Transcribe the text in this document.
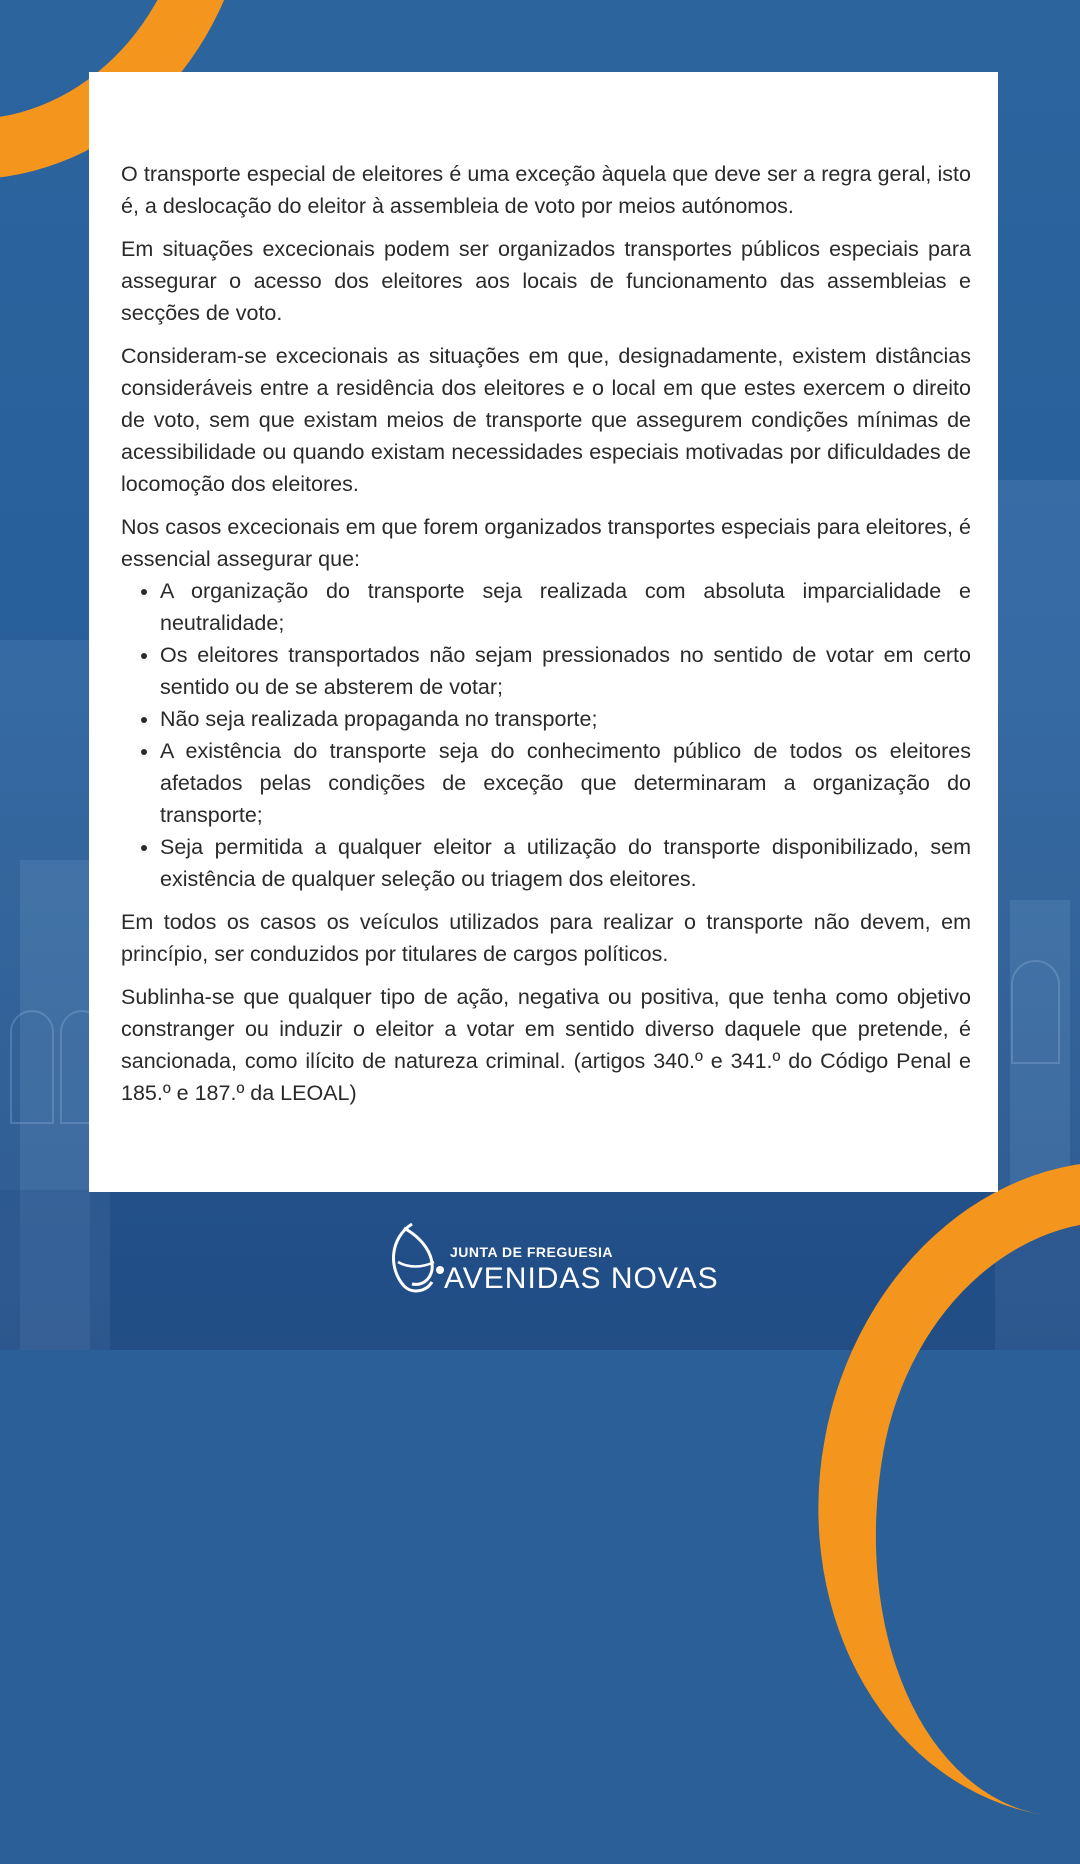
O transporte especial de eleitores é uma exceção àquela que deve ser a regra geral, isto é, a deslocação do eleitor à assembleia de voto por meios autónomos.

Em situações excecionais podem ser organizados transportes públicos especiais para assegurar o acesso dos eleitores aos locais de funcionamento das assembleias e secções de voto.

Consideram-se excecionais as situações em que, designadamente, existem distâncias consideráveis entre a residência dos eleitores e o local em que estes exercem o direito de voto, sem que existam meios de transporte que assegurem condições mínimas de acessibilidade ou quando existam necessidades especiais motivadas por dificuldades de locomoção dos eleitores.

Nos casos excecionais em que forem organizados transportes especiais para eleitores, é essencial assegurar que:

• A organização do transporte seja realizada com absoluta imparcialidade e neutralidade;
• Os eleitores transportados não sejam pressionados no sentido de votar em certo sentido ou de se absterem de votar;
• Não seja realizada propaganda no transporte;
• A existência do transporte seja do conhecimento público de todos os eleitores afetados pelas condições de exceção que determinaram a organização do transporte;
• Seja permitida a qualquer eleitor a utilização do transporte disponibilizado, sem existência de qualquer seleção ou triagem dos eleitores.

Em todos os casos os veículos utilizados para realizar o transporte não devem, em princípio, ser conduzidos por titulares de cargos políticos.

Sublinha-se que qualquer tipo de ação, negativa ou positiva, que tenha como objetivo constranger ou induzir o eleitor a votar em sentido diverso daquele que pretende, é sancionada, como ilícito de natureza criminal. (artigos 340.º e 341.º do Código Penal e 185.º e 187.º da LEOAL)

JUNTA DE FREGUESIA
AVENIDAS NOVAS
